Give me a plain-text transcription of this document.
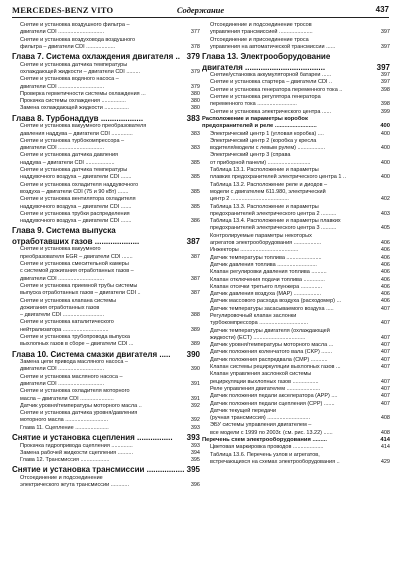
MERCEDES-BENZ VITO	Содержание	437
Снятие и установка воздушного фильтра –
двигатели CDI ..............................	377
Снятие и установка воздуховода воздушного
фильтра – двигатели CDI ...................	378
Глава 7. Система охлаждения двигателя .. 379
Снятие и установка датчика температуры
охлаждающей жидкости – двигатели CDI .........	379
Снятие и установка водяного насоса –
двигатели CDI ..............................	379
Проверка герметичности системы охлаждения ...	380
Прокачка системы охлаждения ................	380
Замена охлаждающей жидкости ................	380
Глава 8. Турбонаддув ...................	383
Снятие и установка вакуумного преобразователя
давления наддува – двигатели CDI ..............	383
Снятие и установка турбокомпрессора –
двигатели CDI ..............................	383
Снятие и установка датчика давления
наддува – двигатели CDI ...................	385
Снятие и установка датчика температуры
наддувочного воздуха – двигатели CDI .......	385
Снятие и установка охладителя наддувочного
воздуха – двигатели CDI (75 и 90 кВт) .......	385
Снятие и установка вентилятора охладителя
наддувочного воздуха – двигатели CDI .......	385
Снятие и установка трубки распределения
наддувочного воздуха – двигатели CDI .......	386
Глава 9. Система выпуска
отработавших газов ....................	387
Снятие и установка вакуумного
преобразователя EGR – двигатели CDI .......	387
Снятие и установка смесительной камеры
с системой дожигания отработанных газов –
двигатели CDI ..............................	387
Снятие и установка приемной трубы системы
выпуска отработанных газов – двигатели CDI ..	387
Снятие и установка клапана системы
дожигания отработанных газов
– двигатели CDI ...........................	388
Снятие и установка каталитического
нейтрализатора ..............................	389
Снятие и установка трубопровода выпуска
выхлопных газов в сборе – двигатели CDI ...	389
Глава 10. Система смазки двигателя ..... 390
Замена цепи привода масляного насоса –
двигатели CDI ..............................	390
Снятие и установка масляного насоса –
двигатели CDI ..............................	391
Снятие и установка охладителя моторного
масла – двигатели CDI ......................	391
Датчик уровня/температуры моторного масла ..	392
Снятие и установка датчика уровня/давления
моторного масла ............................	392
Глава 11. Сцепление ......................	393
Снятие и установка сцепления ................ 393
Прокачка гидропривода сцепления ..............	393
Замена рабочей жидкости сцепления ..........	394
Глава 12. Трансмиссия ...................	395
Снятие и установка трансмиссии ................. 395
Отсоединение и подсоединение
электрического жгута трансмиссии ............	396
Отсоединение и подсоединение тросов
управления трансмиссией ......................	397
Отсоединение и присоединение троса
управления на автоматической трансмиссии ......	397
Глава 13. Электрооборудование
двигателя ....................................	397
Снятие/установка аккумуляторной батареи ......	397
Снятие и установка стартера – двигатели CDI ..	397
Снятие и установка генератора переменного тока ..	398
Снятие и установка регулятора генератора
переменного тока ..........................	398
Снятие и установка электрического центра ......	399
Расположение и параметры коробок
предохранителей и реле ..........................	400
Электрический центр 1 (угловая коробка) ....	400
Электрический центр 2 (коробка у кресла
водителя/модели с левым рулем) ..................	400
Электрический центр 3 (справа
от приборной панели) ............................	400
Таблица 13.1. Расположение и параметры
плавких предохранителей электрического центра 1 ..	400
Таблица 13.2. Расположение реле и диодов –
модели с двигателем 611.980, электрический
центр 2 ......................................	402
Таблица 13.3. Расположение и параметры
предохранителей электрического центра 2 ..........	403
Таблица 13.4. Расположение и параметры плавких
предохранителей электрического центра 3 ..........	405
Контролируемые параметры некоторых
агрегатов электрооборудования ..................	406
Инжекторы ......................................	406
Датчик температуры топлива .......................	406
Датчик давления топлива ..........................	406
Клапан регулировки давления топлива ..........	406
Клапан отключения подачи топлива ..............	406
Клапан отсечки третьего плунжера ..............	406
Датчик давления воздуха (MAP) ..................	406
Датчик массового расхода воздуха (расходомер) ...	406
Датчик температуры засасываемого воздуха .....	407
Регулировочный клапан заслонки
турбокомпрессора ................................	407
Датчик температуры двигателя (охлаждающей
жидкости) (ECT) ..................................	407
Датчик уровня/температуры моторного масла ...	407
Датчик положения коленчатого вала (CKP) .......	407
Датчик положения распредвала (CMP) ...........	407
Клапан системы рециркуляции выхлопных газов ...	407
Клапан управления заслонкой системы
рециркуляции выхлопных газов .................	407
Реле управления двигателем ......................	407
Датчик положения педали акселератора (APP) ....	407
Датчик положения педали сцепления (CPP) .......	407
Датчик текущей передачи
(ручная трансмиссия) ............................	408
ЭБУ системы управления двигателем –
все модели с 1999 по 2003г. (см. рис. 13.22) ......	408
Перечень схем электрооборудования .........	414
Цветовая маркировка проводов ....................	414
Таблица 13.6. Перечень узлов и агрегатов,
встречающихся на схемах электрооборудования ..	429
